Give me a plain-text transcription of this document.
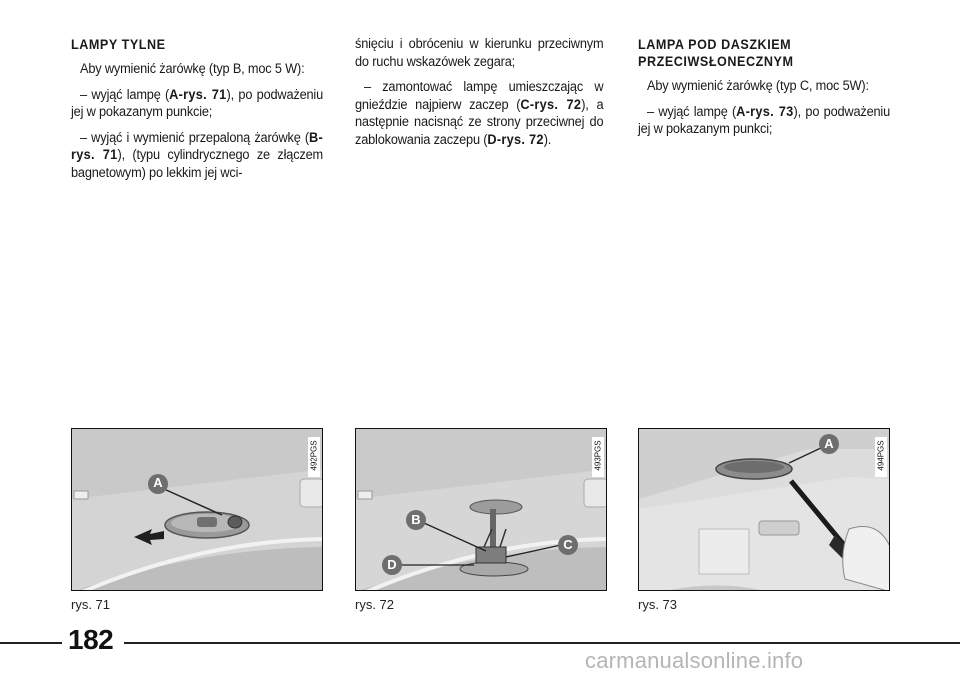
LAMPY TYLNE

Aby wymienić żarówkę (typ B, moc 5 W):

– wyjąć lampę (A-rys. 71), po podważeniu jej w pokazanym punkcie;

– wyjąć i wymienić przepaloną żarówkę (B-rys. 71), (typu cylindrycznego ze złączem bagnetowym) po lekkim jej wci-

śnięciu i obróceniu w kierunku przeciwnym do ruchu wskazówek zegara;

– zamontować lampę umieszczając w gnieździe najpierw zaczep (C-rys. 72), a następnie nacisnąć ze strony przeciwnej do zablokowania zaczepu (D-rys. 72).

LAMPA POD DASZKIEM PRZECIWSŁONECZNYM

Aby wymienić żarówkę (typ C, moc 5W):

– wyjąć lampę (A-rys. 73), po podważeniu jej w pokazanym punkci;

A
492PGS
B
C
D
493PGS	A	494PGS
rys. 71	rys. 72	rys. 73
182
carmanualsonline.info
